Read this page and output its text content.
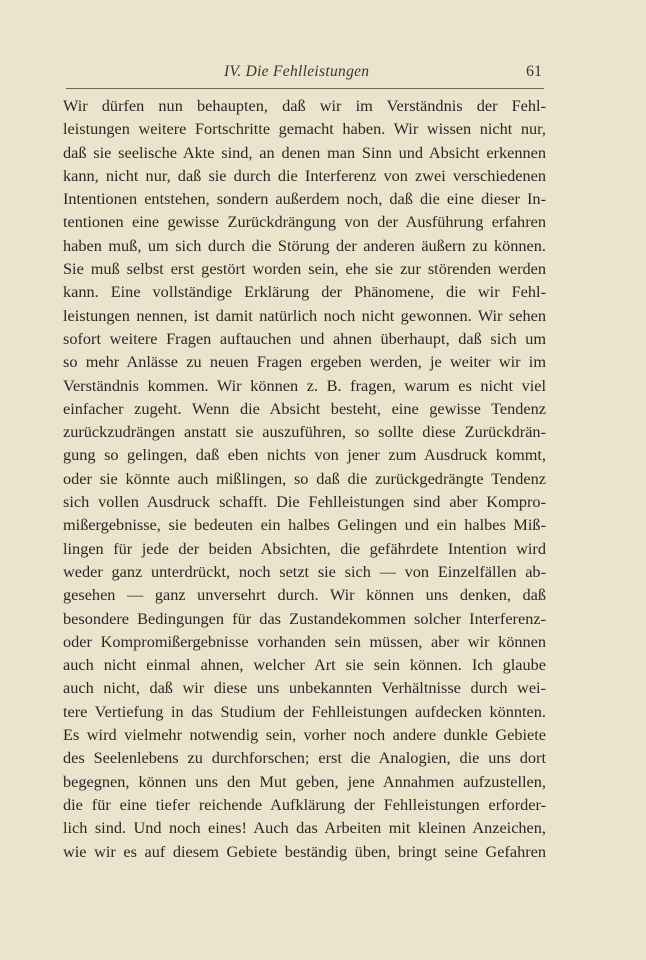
IV. Die Fehlleistungen	61
Wir dürfen nun behaupten, daß wir im Verständnis der Fehl-
leistungen weitere Fortschritte gemacht haben. Wir wissen nicht nur,
daß sie seelische Akte sind, an denen man Sinn und Absicht erkennen
kann, nicht nur, daß sie durch die Interferenz von zwei verschiedenen
Intentionen entstehen, sondern außerdem noch, daß die eine dieser In-
tentionen eine gewisse Zurückdrängung von der Ausführung erfahren
haben muß, um sich durch die Störung der anderen äußern zu können.
Sie muß selbst erst gestört worden sein, ehe sie zur störenden werden
kann. Eine vollständige Erklärung der Phänomene, die wir Fehl-
leistungen nennen, ist damit natürlich noch nicht gewonnen. Wir sehen
sofort weitere Fragen auftauchen und ahnen überhaupt, daß sich um
so mehr Anlässe zu neuen Fragen ergeben werden, je weiter wir im
Verständnis kommen. Wir können z. B. fragen, warum es nicht viel
einfacher zugeht. Wenn die Absicht besteht, eine gewisse Tendenz
zurückzudrängen anstatt sie auszuführen, so sollte diese Zurückdrän-
gung so gelingen, daß eben nichts von jener zum Ausdruck kommt,
oder sie könnte auch mißlingen, so daß die zurückgedrängte Tendenz
sich vollen Ausdruck schafft. Die Fehlleistungen sind aber Kompro-
mißergebnisse, sie bedeuten ein halbes Gelingen und ein halbes Miß-
lingen für jede der beiden Absichten, die gefährdete Intention wird
weder ganz unterdrückt, noch setzt sie sich — von Einzelfällen ab-
gesehen — ganz unversehrt durch. Wir können uns denken, daß
besondere Bedingungen für das Zustandekommen solcher Interferenz-
oder Kompromißergebnisse vorhanden sein müssen, aber wir können
auch nicht einmal ahnen, welcher Art sie sein können. Ich glaube
auch nicht, daß wir diese uns unbekannten Verhältnisse durch wei-
tere Vertiefung in das Studium der Fehlleistungen aufdecken könnten.
Es wird vielmehr notwendig sein, vorher noch andere dunkle Gebiete
des Seelenlebens zu durchforschen; erst die Analogien, die uns dort
begegnen, können uns den Mut geben, jene Annahmen aufzustellen,
die für eine tiefer reichende Aufklärung der Fehlleistungen erforder-
lich sind. Und noch eines! Auch das Arbeiten mit kleinen Anzeichen,
wie wir es auf diesem Gebiete beständig üben, bringt seine Gefahren
